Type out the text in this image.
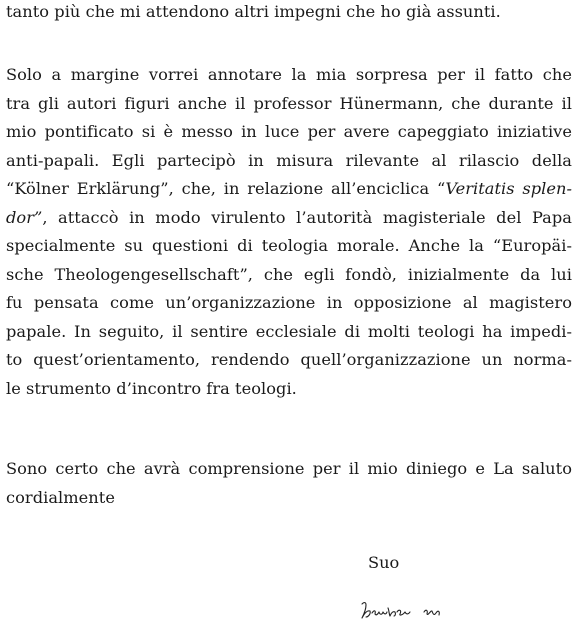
tanto più che mi attendono altri impegni che ho già assunti.
Solo a margine vorrei annotare la mia sorpresa per il fatto che
tra gli autori figuri anche il professor Hünermann, che durante il
mio pontificato si è messo in luce per avere capeggiato iniziative
anti-papali. Egli partecipò in misura rilevante al rilascio della
“Kölner Erklärung”, che, in relazione all’enciclica “Veritatis splen-
dor”, attaccò in modo virulento l’autorità magisteriale del Papa
specialmente su questioni di teologia morale. Anche la “Europäi-
sche Theologengesellschaft”, che egli fondò, inizialmente da lui
fu pensata come un’organizzazione in opposizione al magistero
papale. In seguito, il sentire ecclesiale di molti teologi ha impedi-
to quest’orientamento, rendendo quell’organizzazione un norma-
le strumento d’incontro fra teologi.
Sono certo che avrà comprensione per il mio diniego e La saluto
cordialmente
Suo
